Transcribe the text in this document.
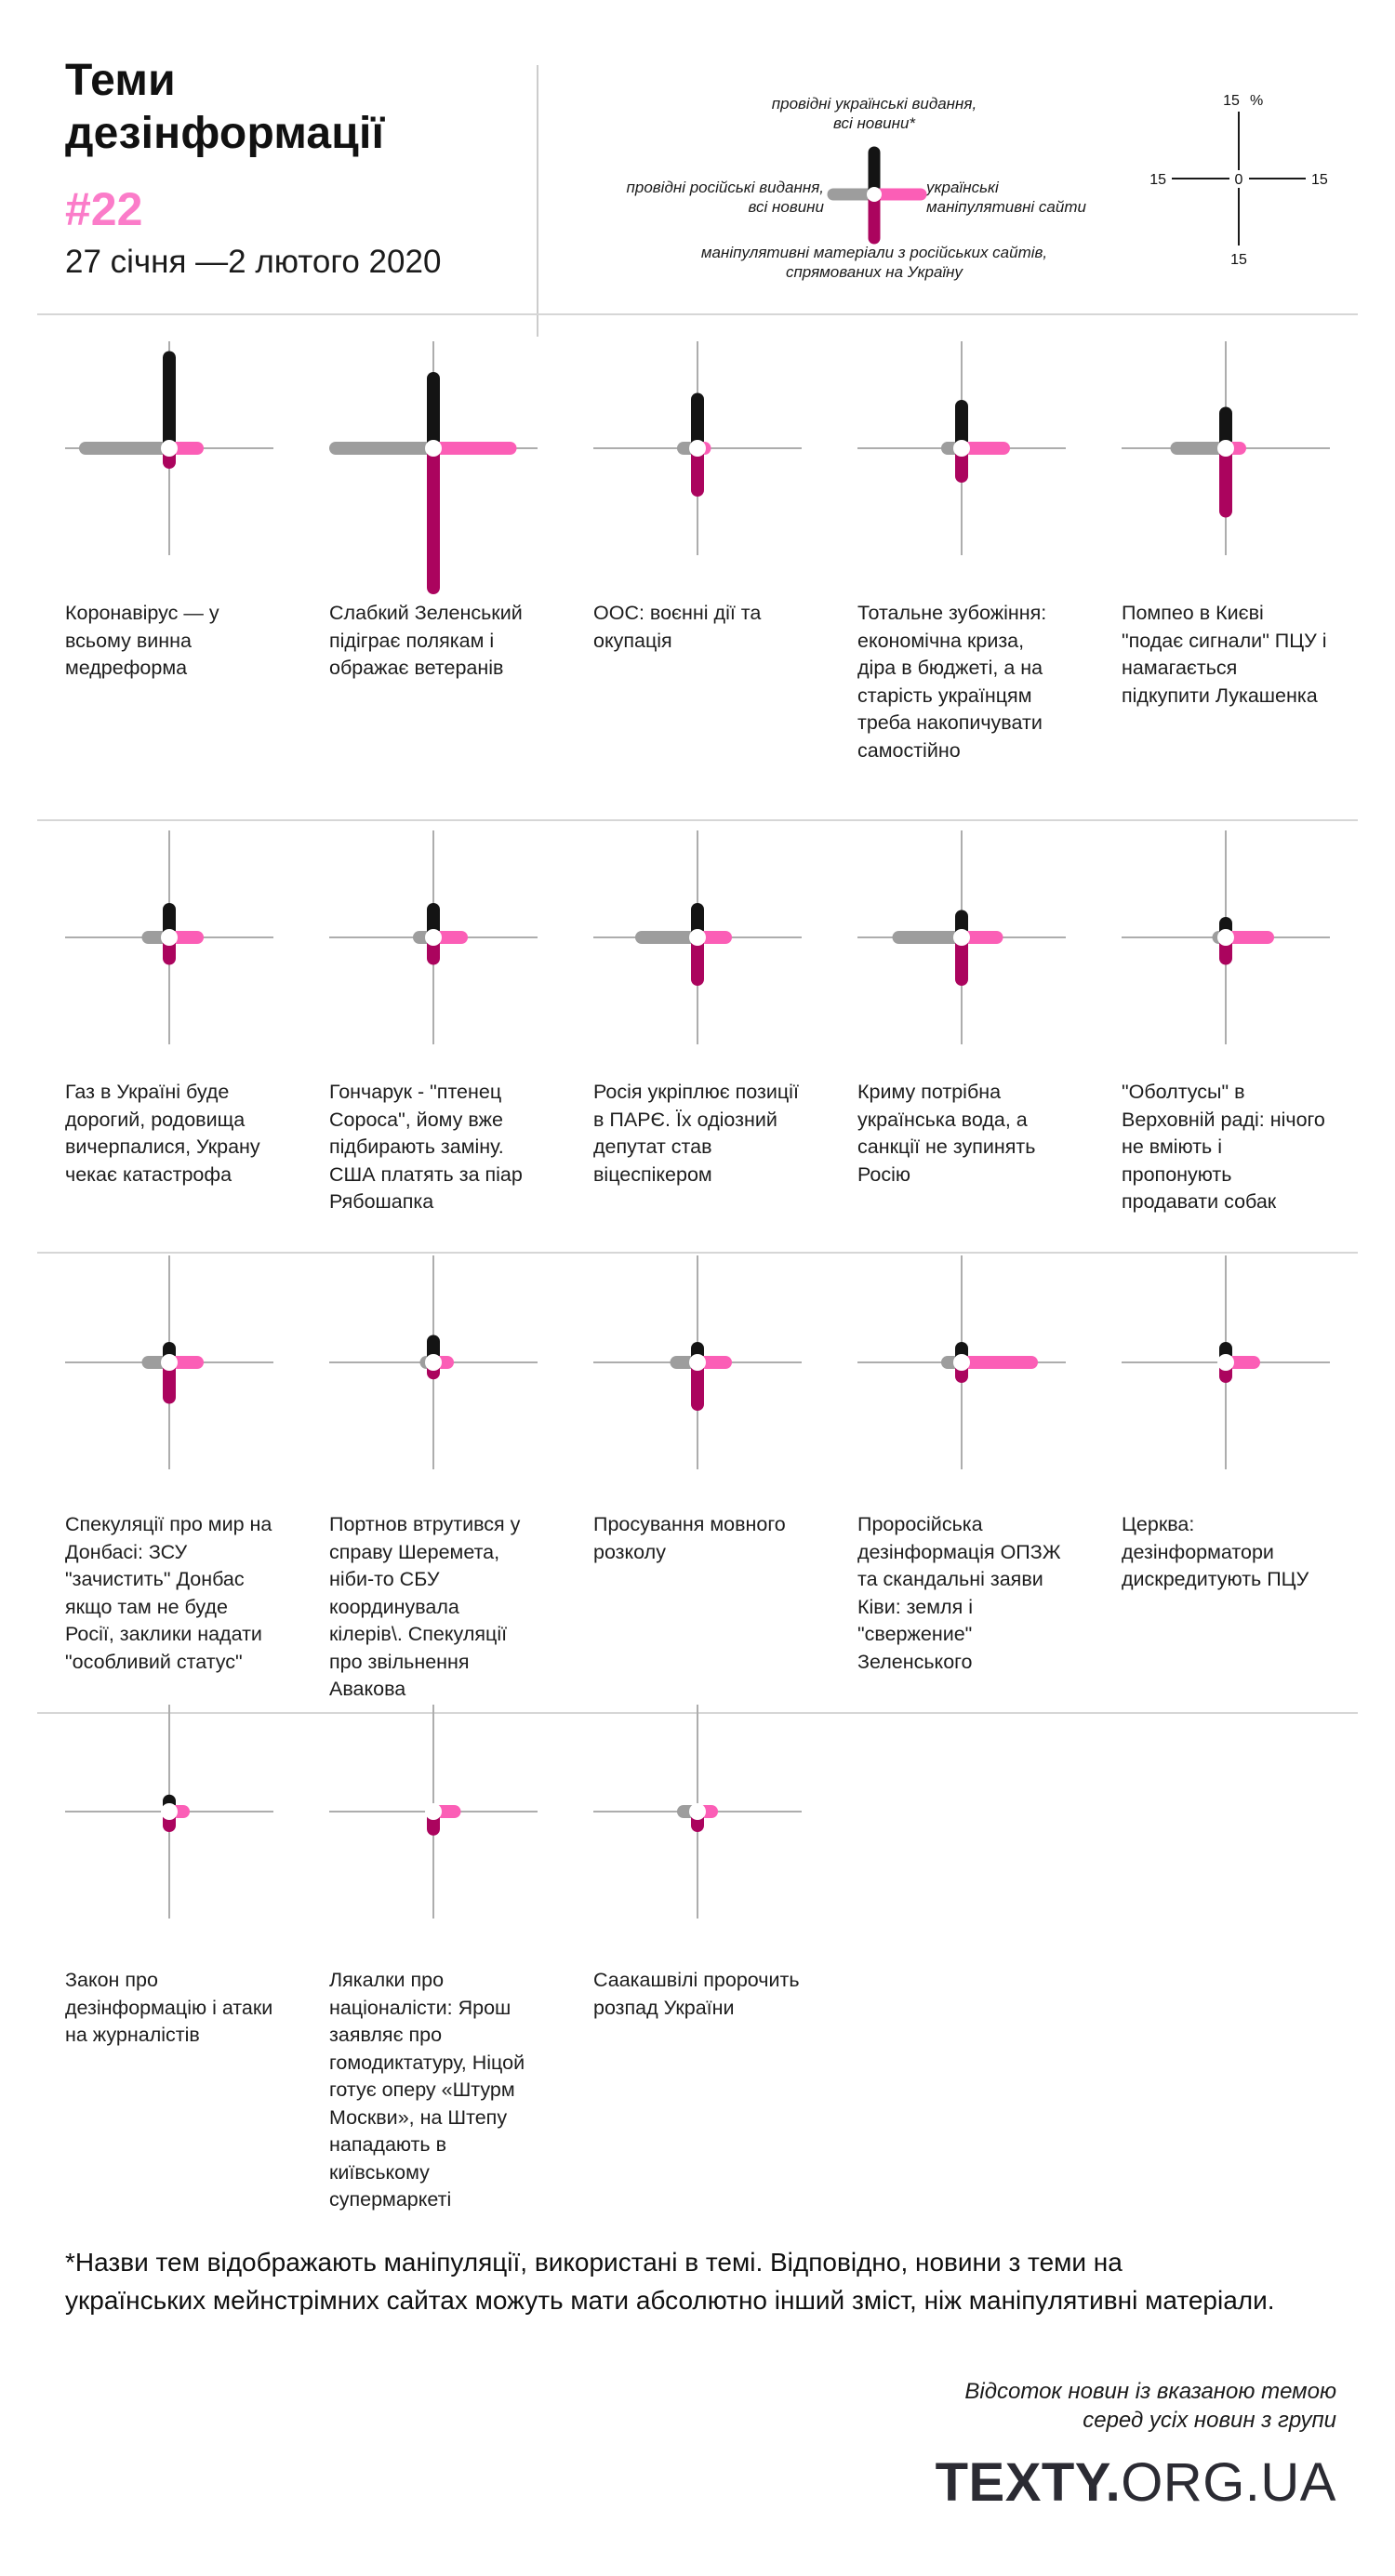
Теми
дезінформації
#22
27 січня —2 лютого 2020
провідні українські видання,
всі новини*
провідні російські видання,
всі новини
українські
маніпулятивні сайти
маніпулятивні матеріали з російських сайтів,
спрямованих на Україну
15 %
15	15
15
0
Коронавірус — у всьому винна медреформа
Слабкий Зеленський підіграє полякам і ображає ветеранів
ООС: воєнні дії та окупація
Тотальне зубожіння: економічна криза, діра в бюджеті, а на старість українцям треба накопичувати самостійно
Помпео в Києві "подає сигнали" ПЦУ і намагається підкупити Лукашенка
Газ в Україні буде дорогий, родовища вичерпалися, Украну чекає катастрофа
Гончарук - "птенец Сороса", йому вже підбирають заміну. США платять за піар Рябошапка
Росія укріплює позиції в ПАРЄ. Їх одіозний депутат став віцеспікером
Криму потрібна українська вода, а санкції не зупинять Росію
"Оболтусы" в Верховній раді: нічого не вміють і пропонують продавати собак
Спекуляції про мир на Донбасі: ЗСУ "зачистить" Донбас якщо там не буде Росії, заклики надати "особливий статус"
Портнов втрутився у справу Шеремета, ніби-то СБУ координувала кілерів\. Спекуляції про звільнення Авакова
Просування мовного розколу
Проросійська дезінформація ОПЗЖ та скандальні заяви Ківи: земля і "свержение" Зеленського
Церква: дезінформатори дискредитують ПЦУ
Закон про дезінформацію і атаки на журналістів
Лякалки про націоналісти: Ярош заявляє про гомодиктатуру, Ніцой готує оперу «Штурм Москви», на Штепу нападають в київському супермаркеті
Саакашвілі пророчить розпад України
*Назви тем відображають маніпуляції, використані в темі. Відповідно, новини з теми на
українських мейнстрімних сайтах можуть мати абсолютно інший зміст, ніж маніпулятивні матеріали.
Відсоток новин із вказаною темою
серед усіх новин з групи
TEXTY.ORG.UA
